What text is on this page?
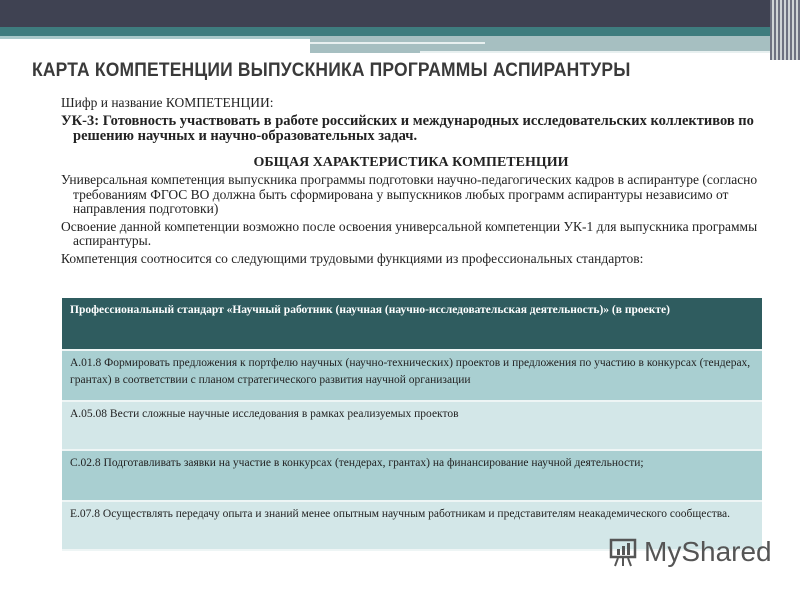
КАРТА КОМПЕТЕНЦИИ ВЫПУСКНИКА ПРОГРАММЫ АСПИРАНТУРЫ

Шифр и название КОМПЕТЕНЦИИ:

УК-3: Готовность участвовать в работе российских и международных исследовательских коллективов по решению научных и научно-образовательных задач.

ОБЩАЯ ХАРАКТЕРИСТИКА КОМПЕТЕНЦИИ

Универсальная компетенция выпускника программы подготовки научно-педагогических кадров в аспирантуре (согласно требованиям ФГОС ВО должна быть сформирована у выпускников любых программ аспирантуры независимо от направления подготовки)

Освоение данной компетенции возможно после освоения универсальной компетенции УК-1 для выпускника программы аспирантуры.

Компетенция соотносится со следующими трудовыми функциями из профессиональных стандартов:

Профессиональный стандарт «Научный работник (научная (научно-исследовательская деятельность)» (в проекте)
А.01.8 Формировать предложения к портфелю научных (научно-технических) проектов и предложения по участию в конкурсах (тендерах, грантах) в соответствии с планом стратегического развития научной организации
А.05.08 Вести сложные научные исследования в рамках реализуемых проектов
С.02.8 Подготавливать заявки на участие в конкурсах (тендерах, грантах) на финансирование научной деятельности;
Е.07.8 Осуществлять передачу опыта и знаний менее опытным научным работникам и представителям неакадемического сообщества.
MyShared
